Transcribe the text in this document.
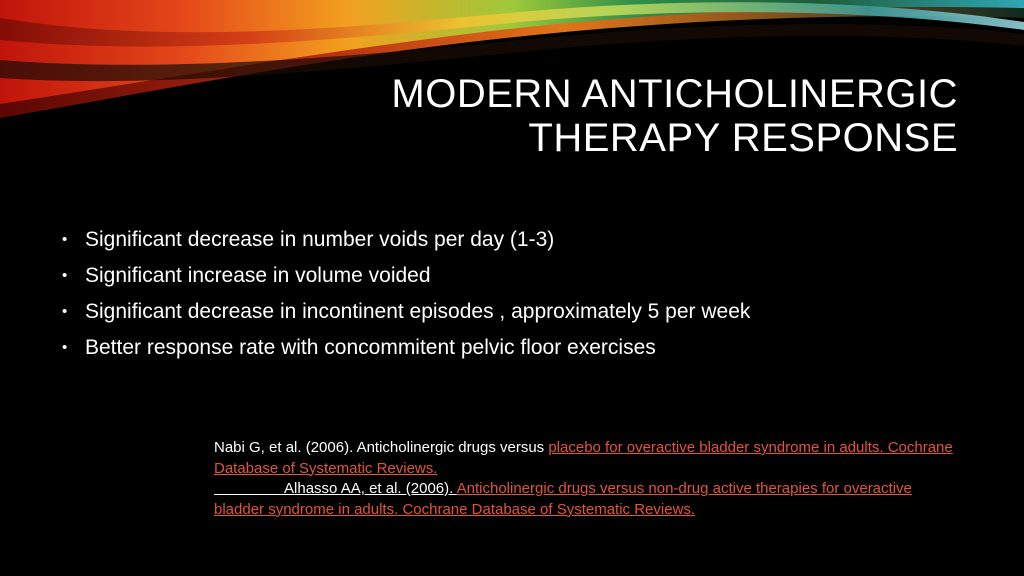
MODERN ANTICHOLINERGIC
THERAPY RESPONSE
• Significant decrease in number voids per day (1-3)
• Significant increase in volume voided
• Significant decrease in incontinent episodes , approximately 5 per week
• Better response rate with concommitent pelvic floor exercises
Nabi G, et al. (2006). Anticholinergic drugs versus placebo for overactive bladder syndrome in adults. Cochrane Database of Systematic Reviews.
Alhasso AA, et al. (2006). Anticholinergic drugs versus non-drug active therapies for overactive bladder syndrome in adults. Cochrane Database of Systematic Reviews.
